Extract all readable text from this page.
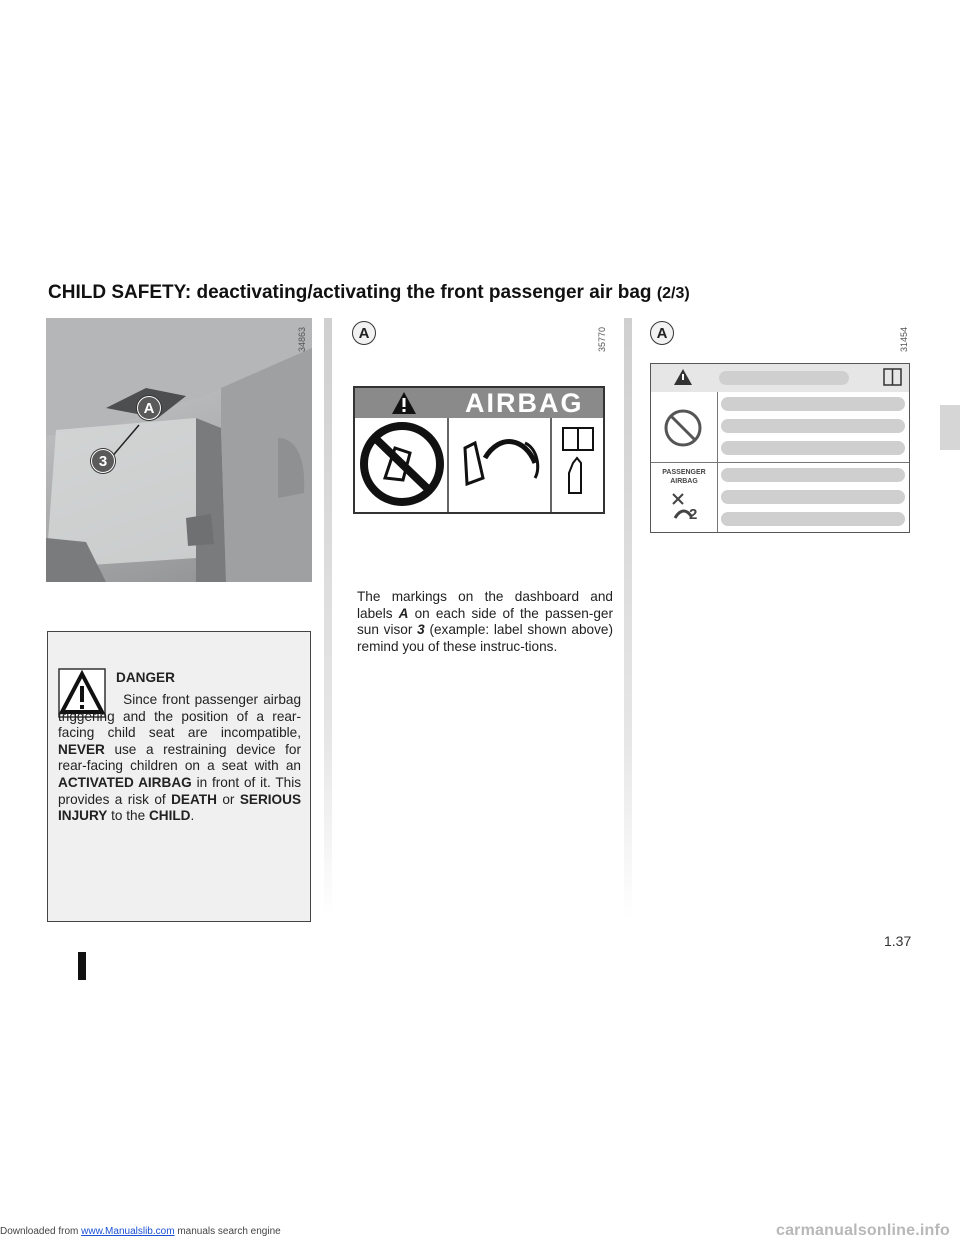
Downloaded from www.Manualslib.com manuals search engine	carmanualsonline.info
CHILD SAFETY: deactivating/activating the front passenger air bag (2/3)
A
3
34863	A	35770
AIRBAG
A	31454
PASSENGER
AIRBAG
2
The markings on the dashboard and labels A on each side of the passen-ger sun visor 3 (example: label shown above) remind you of these instruc-tions.
DANGER
Since front passenger airbag triggering and the position of a rear-facing child seat are incompatible, NEVER use a restraining device for rear-facing children on a seat with an ACTIVATED AIRBAG in front of it. This provides a risk of DEATH or SERIOUS INJURY to the CHILD.
1.37
